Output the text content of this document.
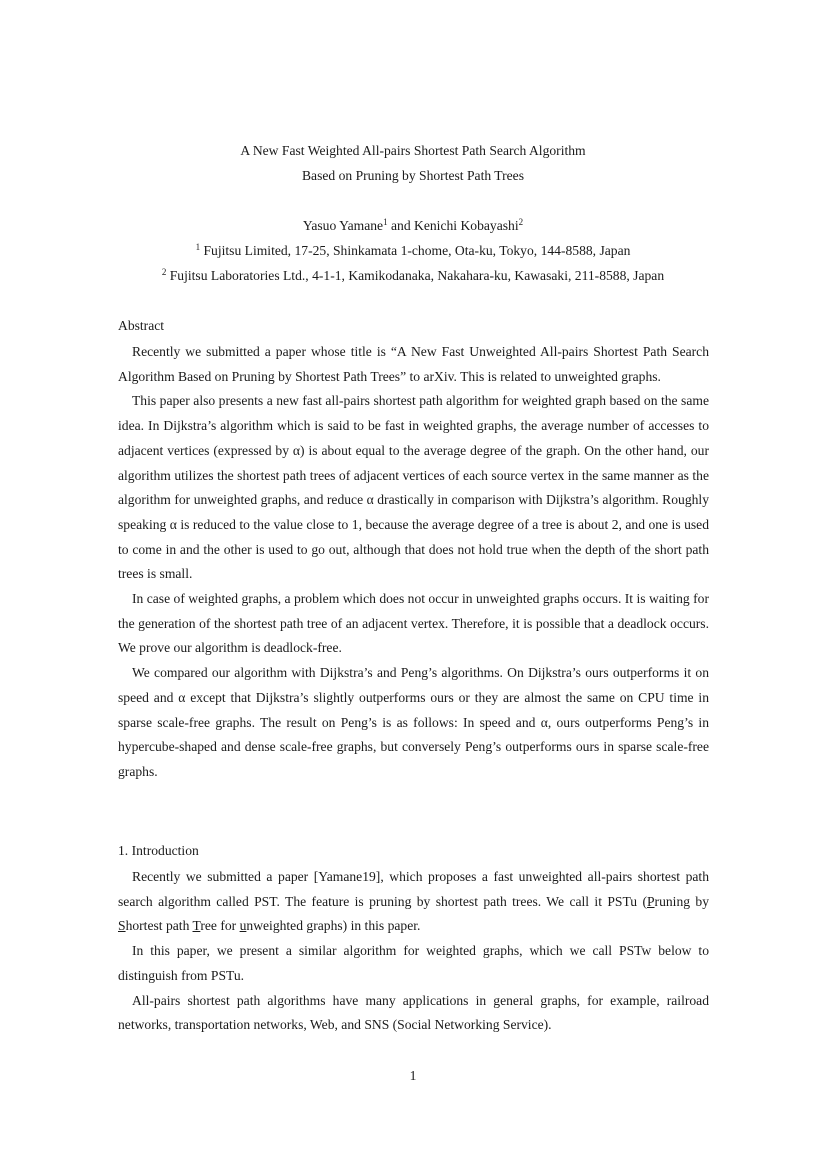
A New Fast Weighted All-pairs Shortest Path Search Algorithm
Based on Pruning by Shortest Path Trees
Yasuo Yamane$^1$ and Kenichi Kobayashi$^2$
$^1$ Fujitsu Limited, 17-25, Shinkamata 1-chome, Ota-ku, Tokyo, 144-8588, Japan
$^2$ Fujitsu Laboratories Ltd., 4-1-1, Kamikodanaka, Nakahara-ku, Kawasaki, 211-8588, Japan
Abstract

Recently we submitted a paper whose title is “A New Fast Unweighted All-pairs Shortest Path Search Algorithm Based on Pruning by Shortest Path Trees” to arXiv. This is related to unweighted graphs.

This paper also presents a new fast all-pairs shortest path algorithm for weighted graph based on the same idea. In Dijkstra’s algorithm which is said to be fast in weighted graphs, the average number of accesses to adjacent vertices (expressed by α) is about equal to the average degree of the graph. On the other hand, our algorithm utilizes the shortest path trees of adjacent vertices of each source vertex in the same manner as the algorithm for unweighted graphs, and reduce α drastically in comparison with Dijkstra’s algorithm. Roughly speaking α is reduced to the value close to 1, because the average degree of a tree is about 2, and one is used to come in and the other is used to go out, although that does not hold true when the depth of the short path trees is small.

In case of weighted graphs, a problem which does not occur in unweighted graphs occurs. It is waiting for the generation of the shortest path tree of an adjacent vertex. Therefore, it is possible that a deadlock occurs. We prove our algorithm is deadlock-free.

We compared our algorithm with Dijkstra’s and Peng’s algorithms. On Dijkstra’s ours outperforms it on speed and α except that Dijkstra’s slightly outperforms ours or they are almost the same on CPU time in sparse scale-free graphs. The result on Peng’s is as follows: In speed and α, ours outperforms Peng’s in hypercube-shaped and dense scale-free graphs, but conversely Peng’s outperforms ours in sparse scale-free graphs.

1. Introduction

Recently we submitted a paper [Yamane19], which proposes a fast unweighted all-pairs shortest path search algorithm called PST. The feature is pruning by shortest path trees. We call it PSTu (Pruning by Shortest path Tree for unweighted graphs) in this paper.

In this paper, we present a similar algorithm for weighted graphs, which we call PSTw below to distinguish from PSTu.

All-pairs shortest path algorithms have many applications in general graphs, for example, railroad networks, transportation networks, Web, and SNS (Social Networking Service).

1
